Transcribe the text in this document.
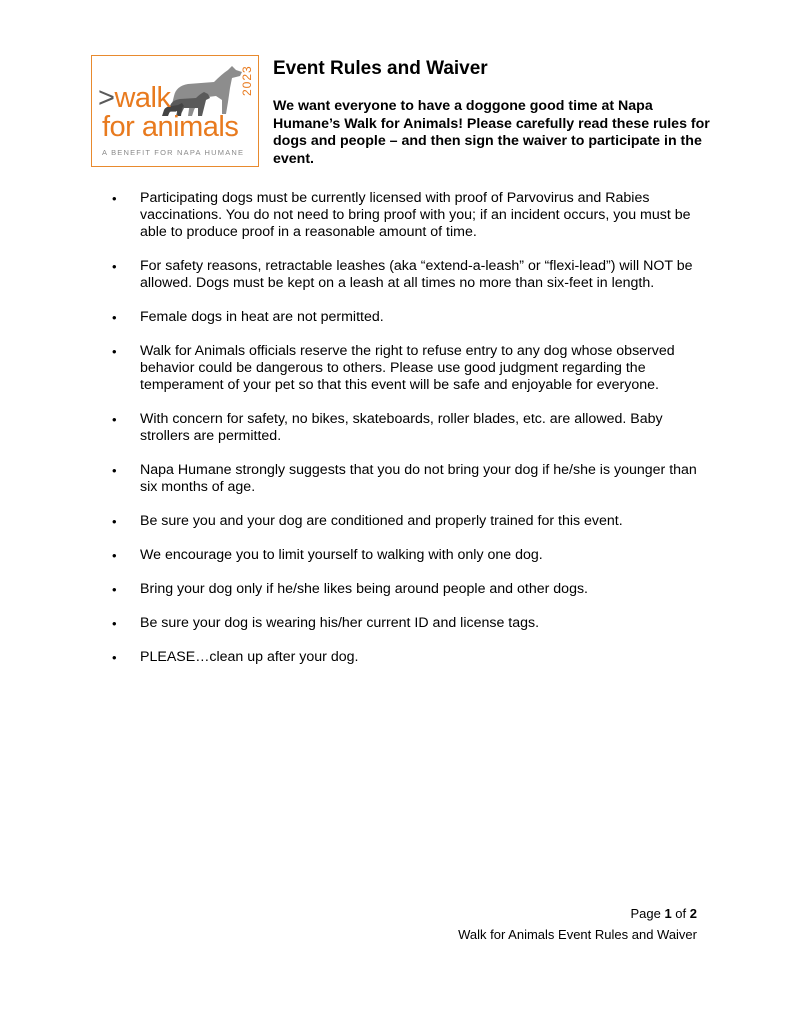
>walk
for animals
2023
A BENEFIT FOR NAPA HUMANE
Event Rules and Waiver
We want everyone to have a doggone good time at Napa Humane’s Walk for Animals! Please carefully read these rules for dogs and people – and then sign the waiver to participate in the event.
• Participating dogs must be currently licensed with proof of Parvovirus and Rabies vaccinations. You do not need to bring proof with you; if an incident occurs, you must be able to produce proof in a reasonable amount of time.
• For safety reasons, retractable leashes (aka “extend-a-leash” or “flexi-lead”) will NOT be allowed. Dogs must be kept on a leash at all times no more than six-feet in length.
• Female dogs in heat are not permitted.
• Walk for Animals officials reserve the right to refuse entry to any dog whose observed behavior could be dangerous to others. Please use good judgment regarding the temperament of your pet so that this event will be safe and enjoyable for everyone.
• With concern for safety, no bikes, skateboards, roller blades, etc. are allowed. Baby strollers are permitted.
• Napa Humane strongly suggests that you do not bring your dog if he/she is younger than six months of age.
• Be sure you and your dog are conditioned and properly trained for this event.
• We encourage you to limit yourself to walking with only one dog.
• Bring your dog only if he/she likes being around people and other dogs.
• Be sure your dog is wearing his/her current ID and license tags.
• PLEASE…clean up after your dog.
Page 1 of 2
Walk for Animals Event Rules and Waiver
